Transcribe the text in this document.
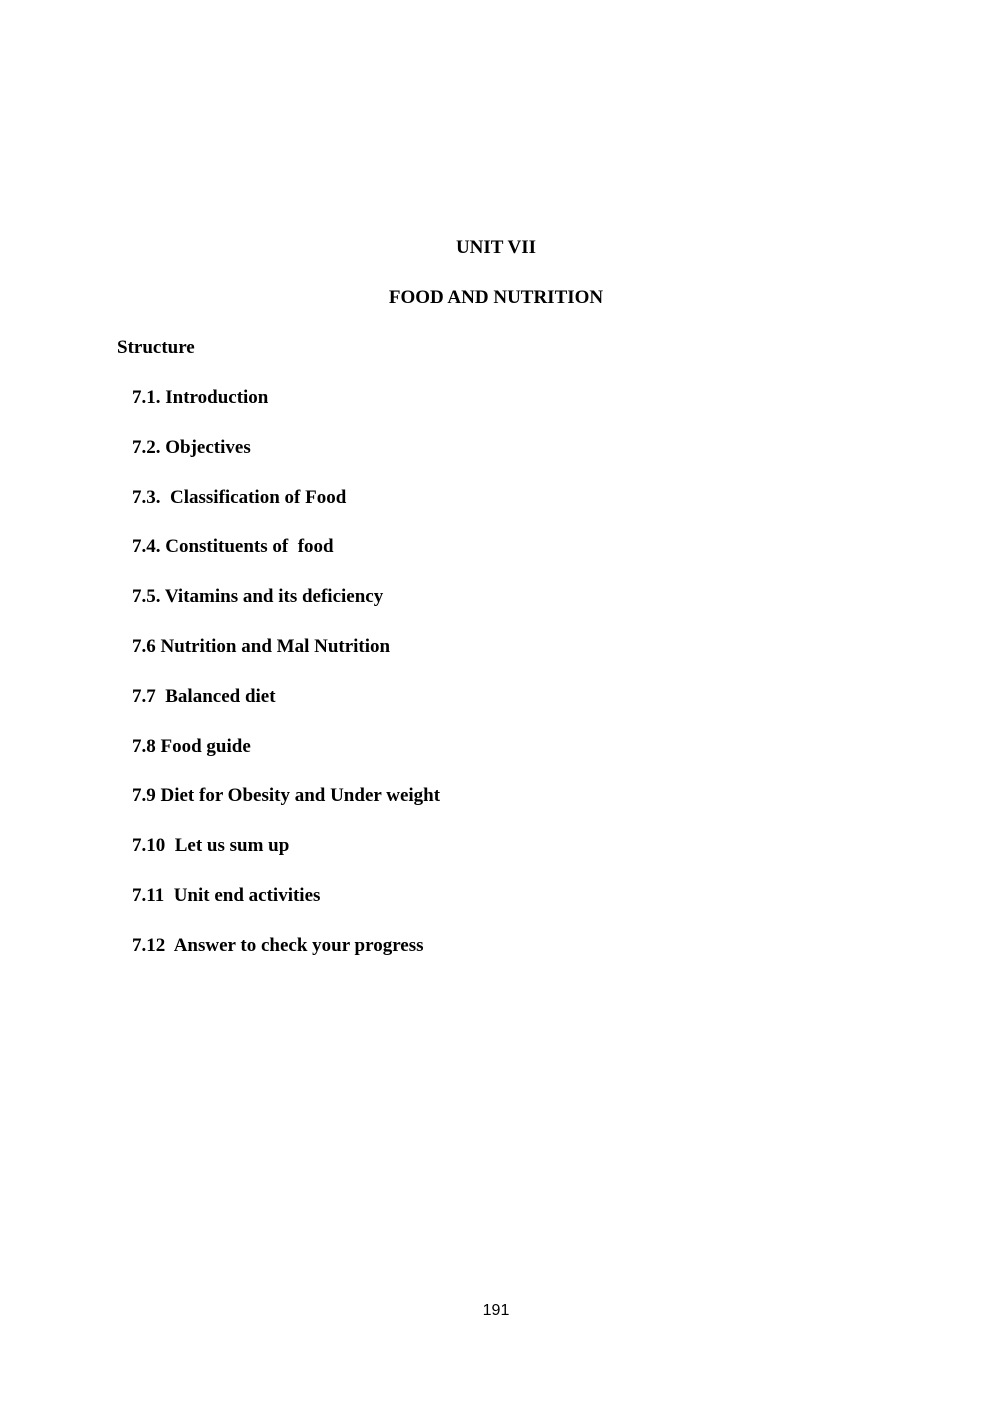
UNIT VII
FOOD AND NUTRITION

Structure

7.1. Introduction
7.2. Objectives
7.3.  Classification of Food
7.4. Constituents of  food
7.5. Vitamins and its deficiency
7.6 Nutrition and Mal Nutrition
7.7  Balanced diet
7.8 Food guide
7.9 Diet for Obesity and Under weight
7.10  Let us sum up
7.11  Unit end activities
7.12  Answer to check your progress

191
